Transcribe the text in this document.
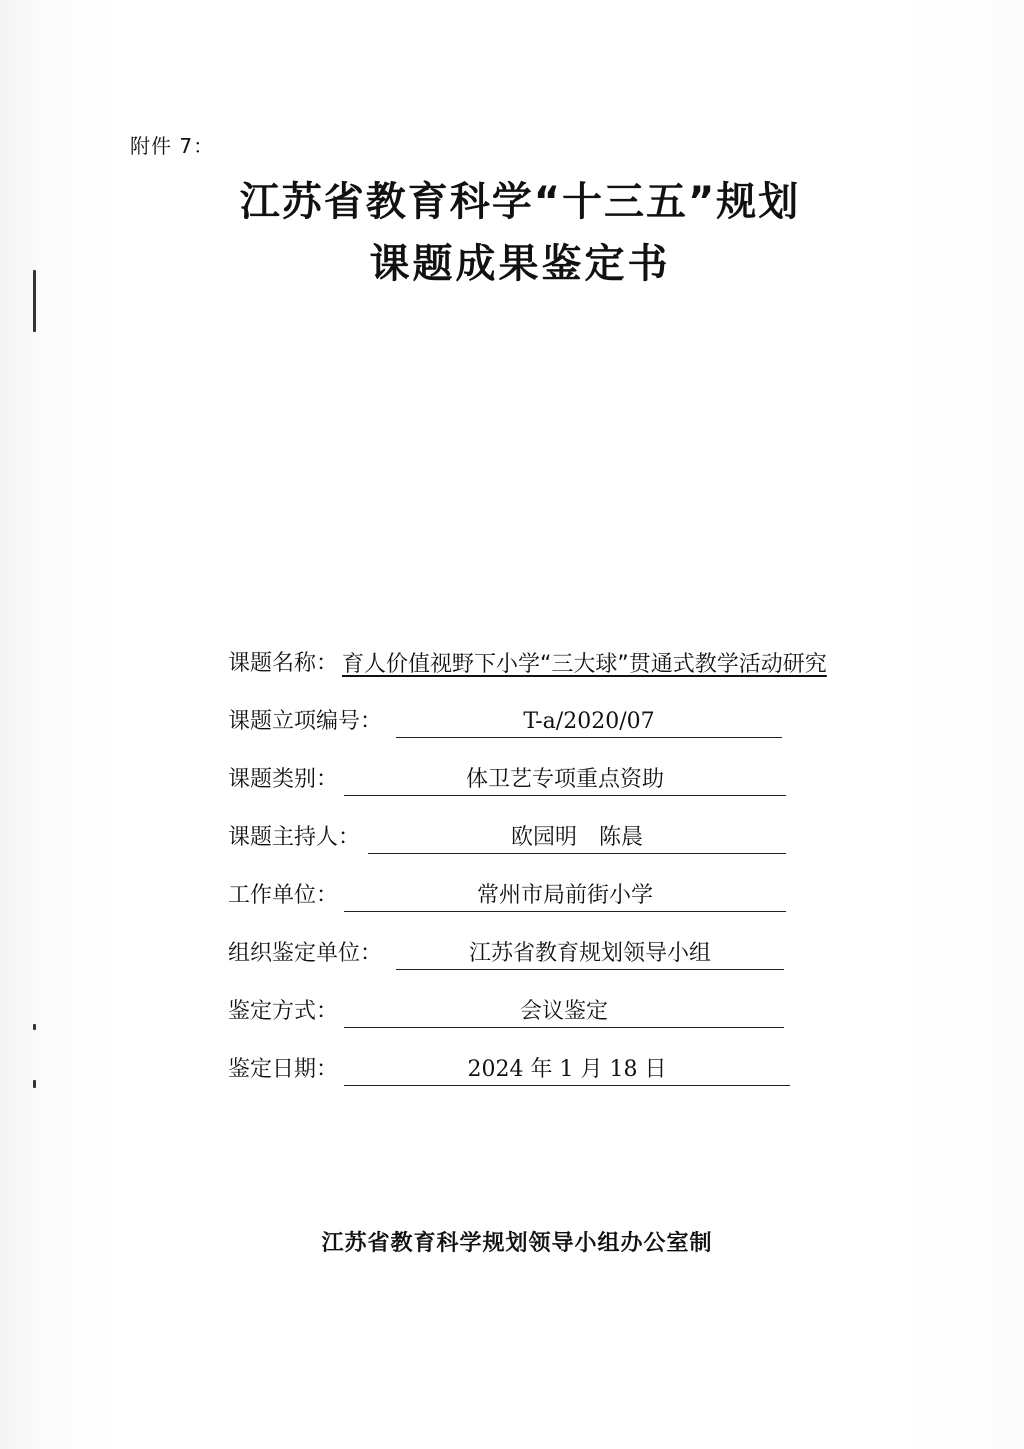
附件 7：
江苏省教育科学“十三五”规划
课题成果鉴定书
课题名称： 育人价值视野下小学“三大球”贯通式教学活动研究
课题立项编号：	T-a/2020/07
课题类别：	体卫艺专项重点资助
课题主持人：	欧园明　陈晨
工作单位：	常州市局前街小学
组织鉴定单位：	江苏省教育规划领导小组
鉴定方式：	会议鉴定
鉴定日期：	2024 年 1 月 18 日
江苏省教育科学规划领导小组办公室制
